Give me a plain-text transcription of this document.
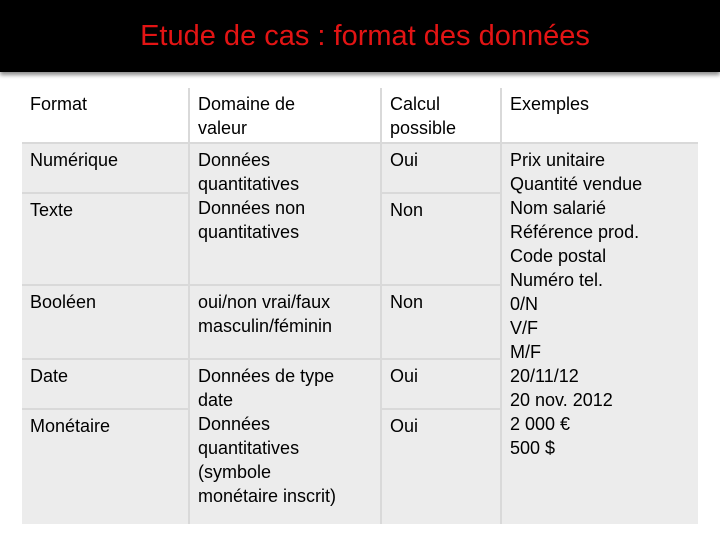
Etude de cas : format des données
Format	Domaine de
valeur
Calcul
possible
Exemples
Numérique
Texte
Booléen
Date
Monétaire
Données
quantitatives
Données non
quantitatives
oui/non vrai/faux
masculin/féminin
Données de type
date
Données
quantitatives
(symbole
monétaire inscrit)
Oui
Non
Non
Oui
Oui
Prix unitaire
Quantité vendue
Nom salarié
Référence prod.
Code postal
Numéro tel.
0/N
V/F
M/F
20/11/12
20 nov. 2012
2 000 €
500 $
